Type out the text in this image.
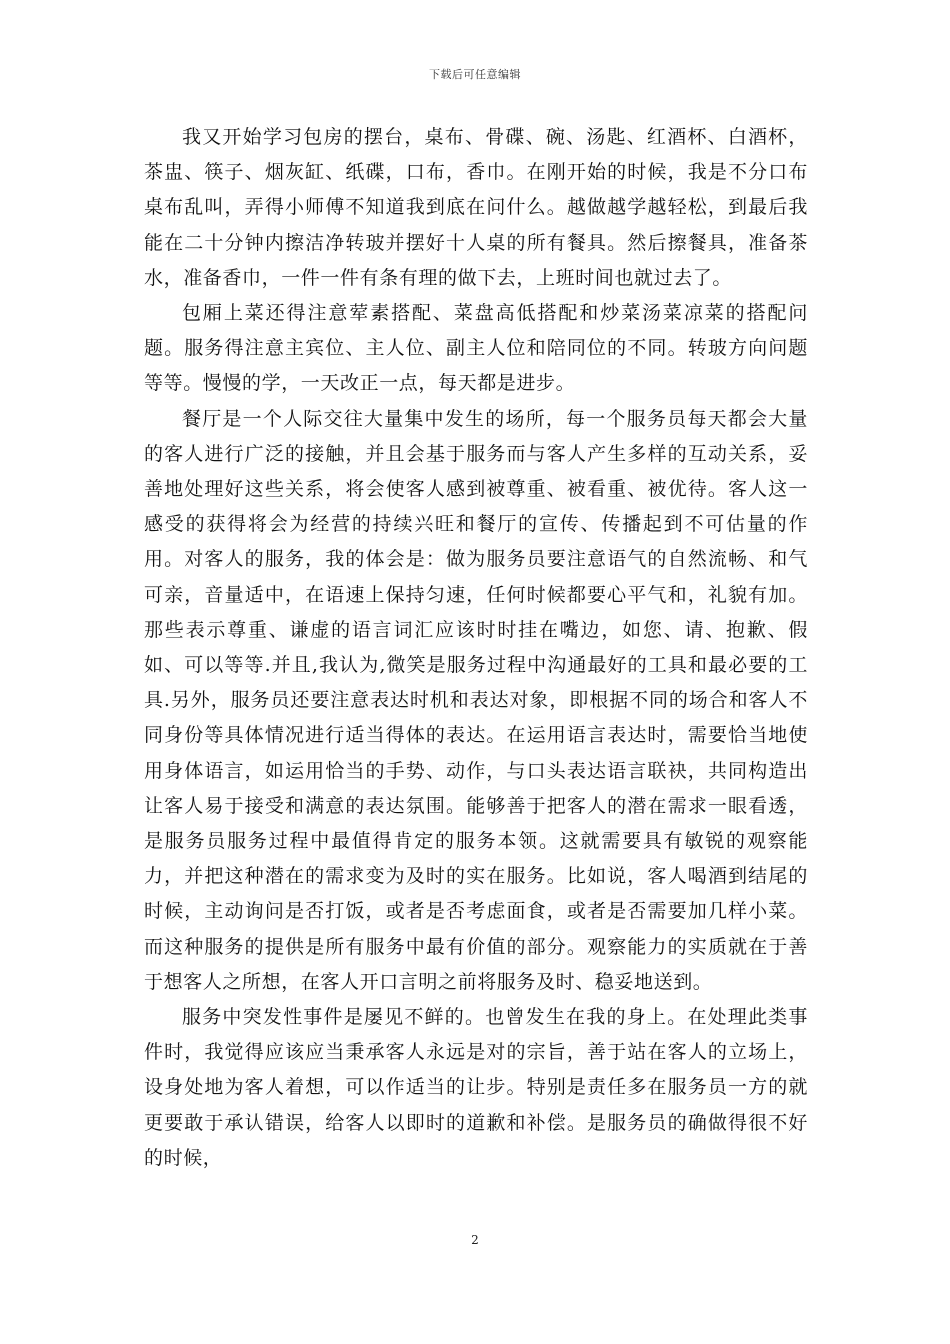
下载后可任意编辑

我又开始学习包房的摆台，桌布、骨碟、碗、汤匙、红酒杯、白酒杯，茶盅、筷子、烟灰缸、纸碟，口布，香巾。在刚开始的时候，我是不分口布桌布乱叫，弄得小师傅不知道我到底在问什么。越做越学越轻松，到最后我能在二十分钟内擦洁净转玻并摆好十人桌的所有餐具。然后擦餐具，准备茶水，准备香巾，一件一件有条有理的做下去，上班时间也就过去了。

包厢上菜还得注意荤素搭配、菜盘高低搭配和炒菜汤菜凉菜的搭配问题。服务得注意主宾位、主人位、副主人位和陪同位的不同。转玻方向问题等等。慢慢的学，一天改正一点，每天都是进步。

餐厅是一个人际交往大量集中发生的场所，每一个服务员每天都会大量的客人进行广泛的接触，并且会基于服务而与客人产生多样的互动关系，妥善地处理好这些关系，将会使客人感到被尊重、被看重、被优待。客人这一感受的获得将会为经营的持续兴旺和餐厅的宣传、传播起到不可估量的作用。对客人的服务，我的体会是：做为服务员要注意语气的自然流畅、和气可亲，音量适中，在语速上保持匀速，任何时候都要心平气和，礼貌有加。那些表示尊重、谦虚的语言词汇应该时时挂在嘴边，如您、请、抱歉、假如、可以等等.并且,我认为,微笑是服务过程中沟通最好的工具和最必要的工具.另外，服务员还要注意表达时机和表达对象，即根据不同的场合和客人不同身份等具体情况进行适当得体的表达。在运用语言表达时，需要恰当地使用身体语言，如运用恰当的手势、动作，与口头表达语言联袂，共同构造出让客人易于接受和满意的表达氛围。能够善于把客人的潜在需求一眼看透，是服务员服务过程中最值得肯定的服务本领。这就需要具有敏锐的观察能力，并把这种潜在的需求变为及时的实在服务。比如说，客人喝酒到结尾的时候，主动询问是否打饭，或者是否考虑面食，或者是否需要加几样小菜。而这种服务的提供是所有服务中最有价值的部分。观察能力的实质就在于善于想客人之所想，在客人开口言明之前将服务及时、稳妥地送到。

服务中突发性事件是屡见不鲜的。也曾发生在我的身上。在处理此类事件时，我觉得应该应当秉承客人永远是对的宗旨，善于站在客人的立场上，设身处地为客人着想，可以作适当的让步。特别是责任多在服务员一方的就更要敢于承认错误，给客人以即时的道歉和补偿。是服务员的确做得很不好的时候，

2
